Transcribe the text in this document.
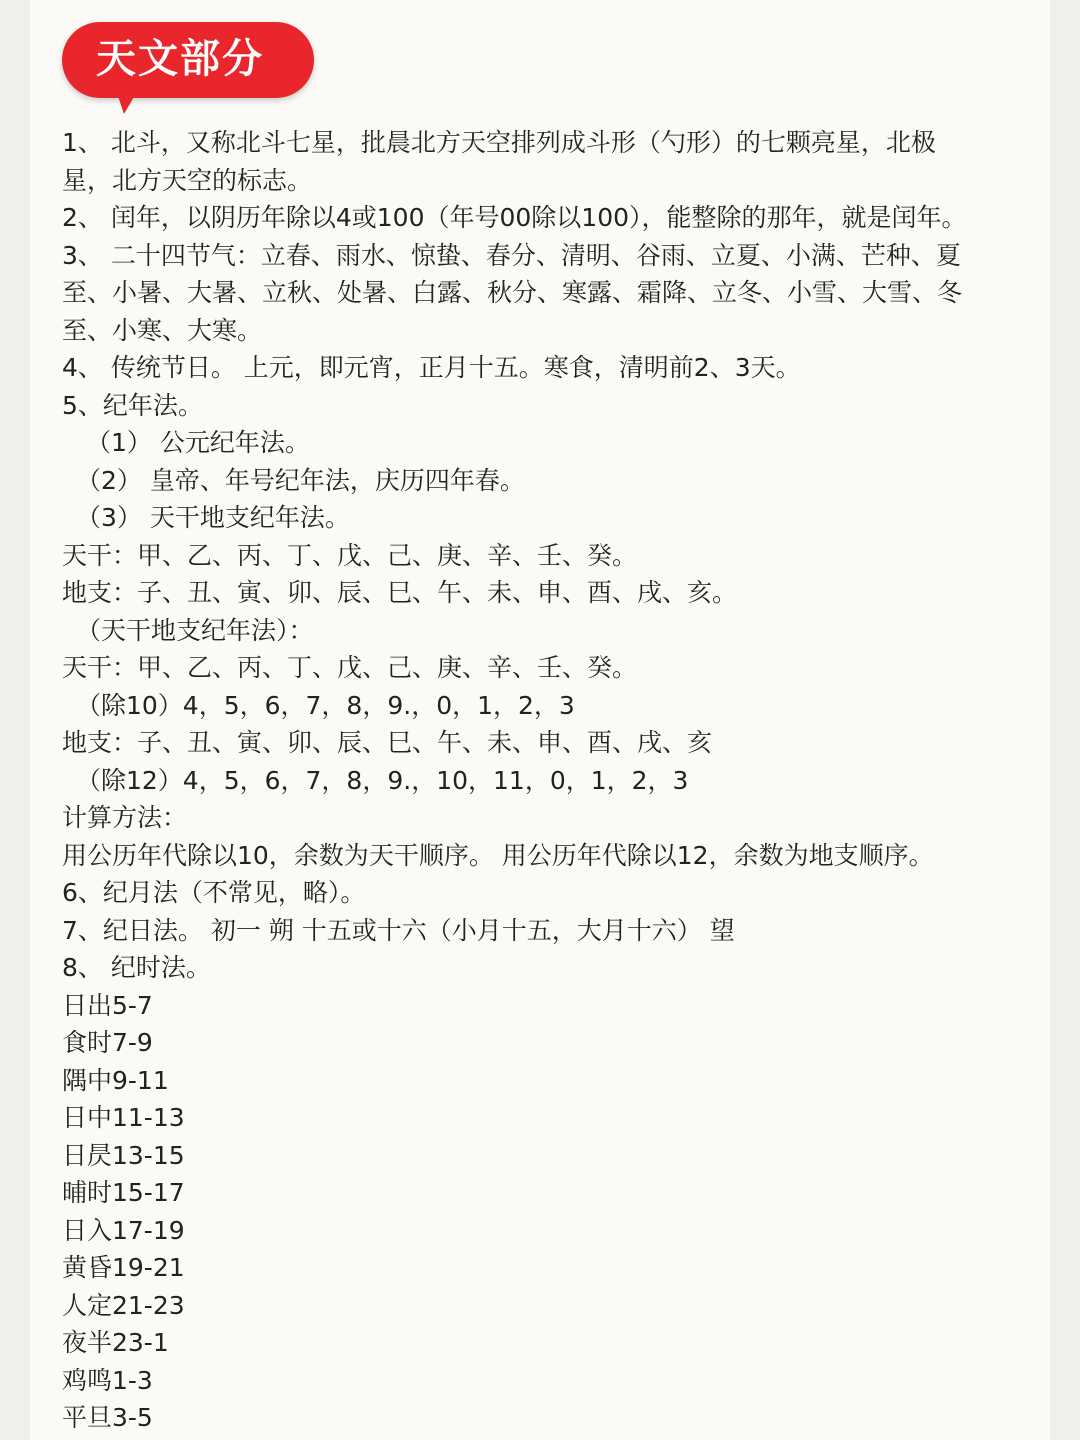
天文部分
1、 北斗，又称北斗七星，批晨北方天空排列成斗形（勺形）的七颗亮星，北极
星，北方天空的标志。
2、 闰年，以阴历年除以4或100（年号00除以100），能整除的那年，就是闰年。
3、 二十四节气：立春、雨水、惊蛰、春分、清明、谷雨、立夏、小满、芒种、夏
至、小暑、大暑、立秋、处暑、白露、秋分、寒露、霜降、立冬、小雪、大雪、冬
至、小寒、大寒。
4、 传统节日。 上元，即元宵，正月十五。寒食，清明前2、3天。
5、纪年法。
（1） 公元纪年法。
（2） 皇帝、年号纪年法，庆历四年春。
（3） 天干地支纪年法。
天干：甲、乙、丙、丁、戊、己、庚、辛、壬、癸。
地支：子、丑、寅、卯、辰、巳、午、未、申、酉、戌、亥。
（天干地支纪年法）：
天干：甲、乙、丙、丁、戊、己、庚、辛、壬、癸。
（除10）4，5，6，7，8，9.，0，1，2，3
地支：子、丑、寅、卯、辰、巳、午、未、申、酉、戌、亥
（除12）4，5，6，7，8，9.，10，11，0，1，2，3
计算方法：
用公历年代除以10，余数为天干顺序。 用公历年代除以12，余数为地支顺序。
6、纪月法（不常见，略）。
7、纪日法。 初一 朔 十五或十六（小月十五，大月十六） 望
8、 纪时法。
日出5-7
食时7-9
隅中9-11
日中11-13
日昃13-15
晡时15-17
日入17-19
黄昏19-21
人定21-23
夜半23-1
鸡鸣1-3
平旦3-5
